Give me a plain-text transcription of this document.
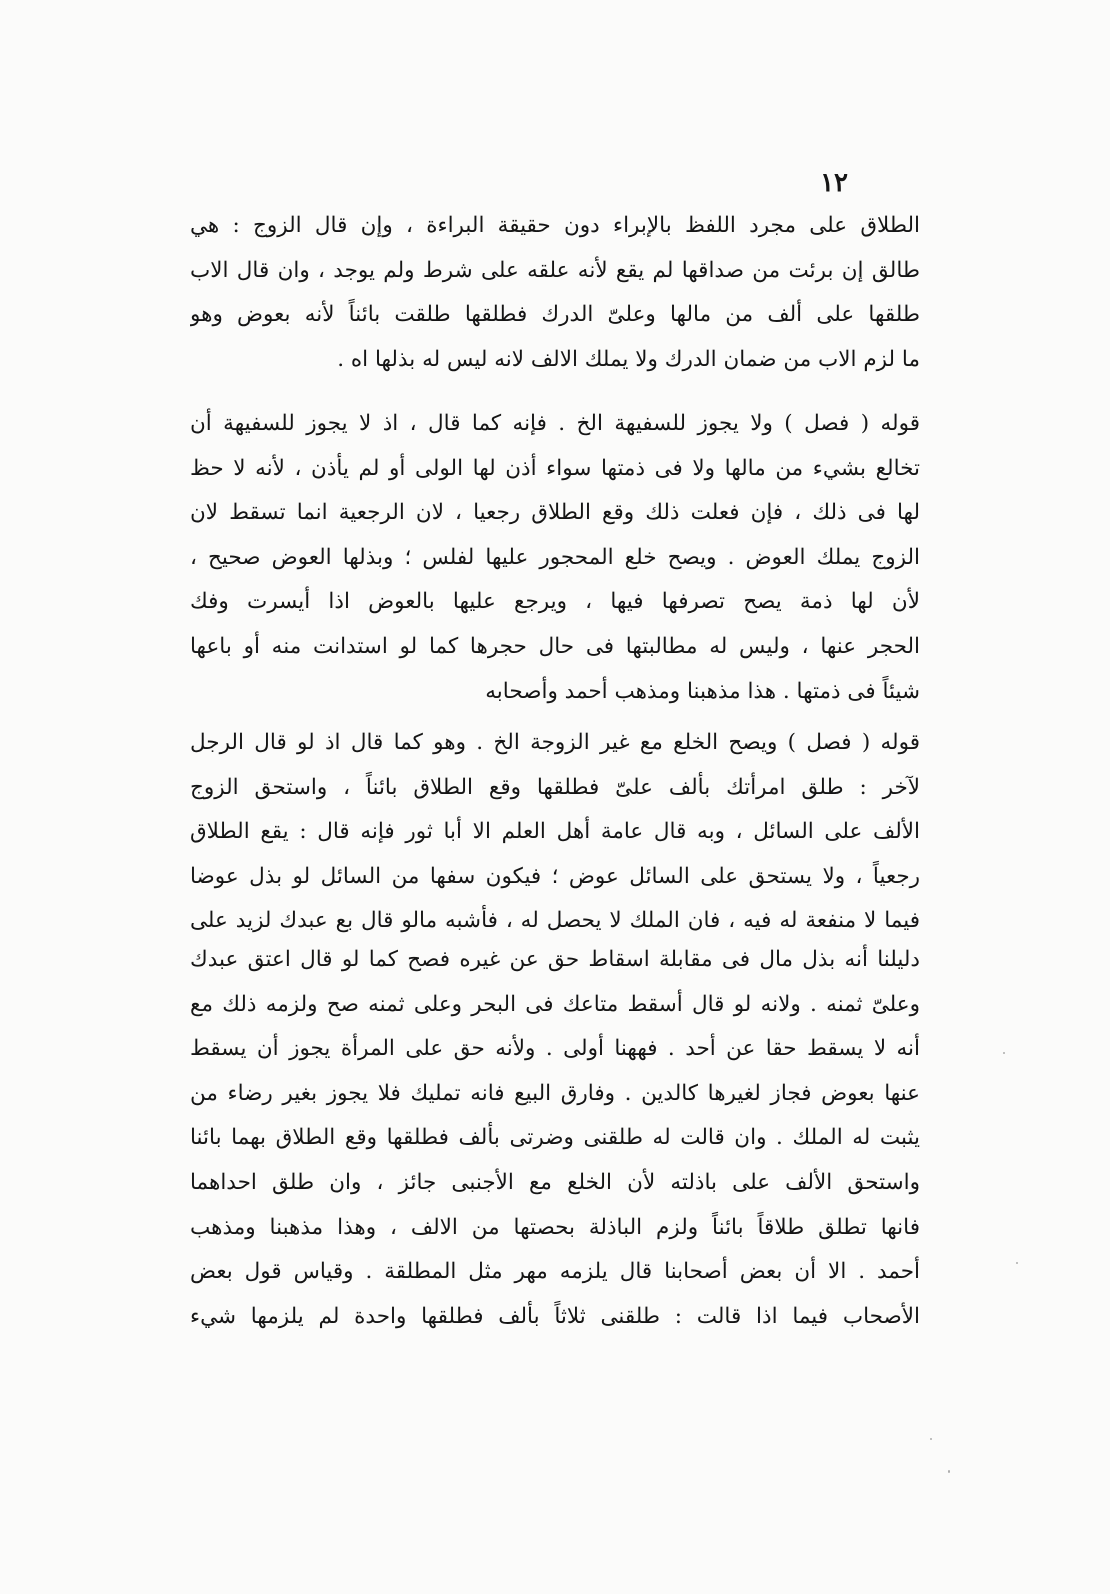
١٢
الطلاق على مجرد اللفظ بالإبراء دون حقيقة البراءة ، وإن قال الزوج : هي
طالق إن برئت من صداقها لم يقع لأنه علقه على شرط ولم يوجد ، وان قال الاب
طلقها على ألف من مالها وعلىّ الدرك فطلقها طلقت بائناً لأنه بعوض وهو
ما لزم الاب من ضمان الدرك ولا يملك الالف لانه ليس له بذلها اه .
قوله ( فصل ) ولا يجوز للسفيهة الخ . فإنه كما قال ، اذ لا يجوز للسفيهة أن
تخالع بشيء من مالها ولا فى ذمتها سواء أذن لها الولى أو لم يأذن ، لأنه لا حظ
لها فى ذلك ، فإن فعلت ذلك وقع الطلاق رجعيا ، لان الرجعية انما تسقط لان
الزوج يملك العوض . ويصح خلع المحجور عليها لفلس ؛ وبذلها العوض صحيح ،
لأن لها ذمة يصح تصرفها فيها ، ويرجع عليها بالعوض اذا أيسرت وفك
الحجر عنها ، وليس له مطالبتها فى حال حجرها كما لو استدانت منه أو باعها
شيئاً فى ذمتها . هذا مذهبنا ومذهب أحمد وأصحابه
قوله ( فصل ) ويصح الخلع مع غير الزوجة الخ . وهو كما قال اذ لو قال الرجل
لآخر : طلق امرأتك بألف علىّ فطلقها وقع الطلاق بائناً ، واستحق الزوج
الألف على السائل ، وبه قال عامة أهل العلم الا أبا ثور فإنه قال : يقع الطلاق
رجعياً ، ولا يستحق على السائل عوض ؛ فيكون سفها من السائل لو بذل عوضا
فيما لا منفعة له فيه ، فان الملك لا يحصل له ، فأشبه مالو قال بع عبدك لزيد على
دليلنا أنه بذل مال فى مقابلة اسقاط حق عن غيره فصح كما لو قال اعتق عبدك
وعلىّ ثمنه . ولانه لو قال أسقط متاعك فى البحر وعلى ثمنه صح ولزمه ذلك مع
أنه لا يسقط حقا عن أحد . فههنا أولى . ولأنه حق على المرأة يجوز أن يسقط
عنها بعوض فجاز لغيرها كالدين . وفارق البيع فانه تمليك فلا يجوز بغير رضاء من
يثبت له الملك . وان قالت له طلقنى وضرتى بألف فطلقها وقع الطلاق بهما بائنا
واستحق الألف على باذلته لأن الخلع مع الأجنبى جائز ، وان طلق احداهما
فانها تطلق طلاقاً بائناً ولزم الباذلة بحصتها من الالف ، وهذا مذهبنا ومذهب
أحمد . الا أن بعض أصحابنا قال يلزمه مهر مثل المطلقة . وقياس قول بعض
الأصحاب فيما اذا قالت : طلقنى ثلاثاً بألف فطلقها واحدة لم يلزمها شيء
